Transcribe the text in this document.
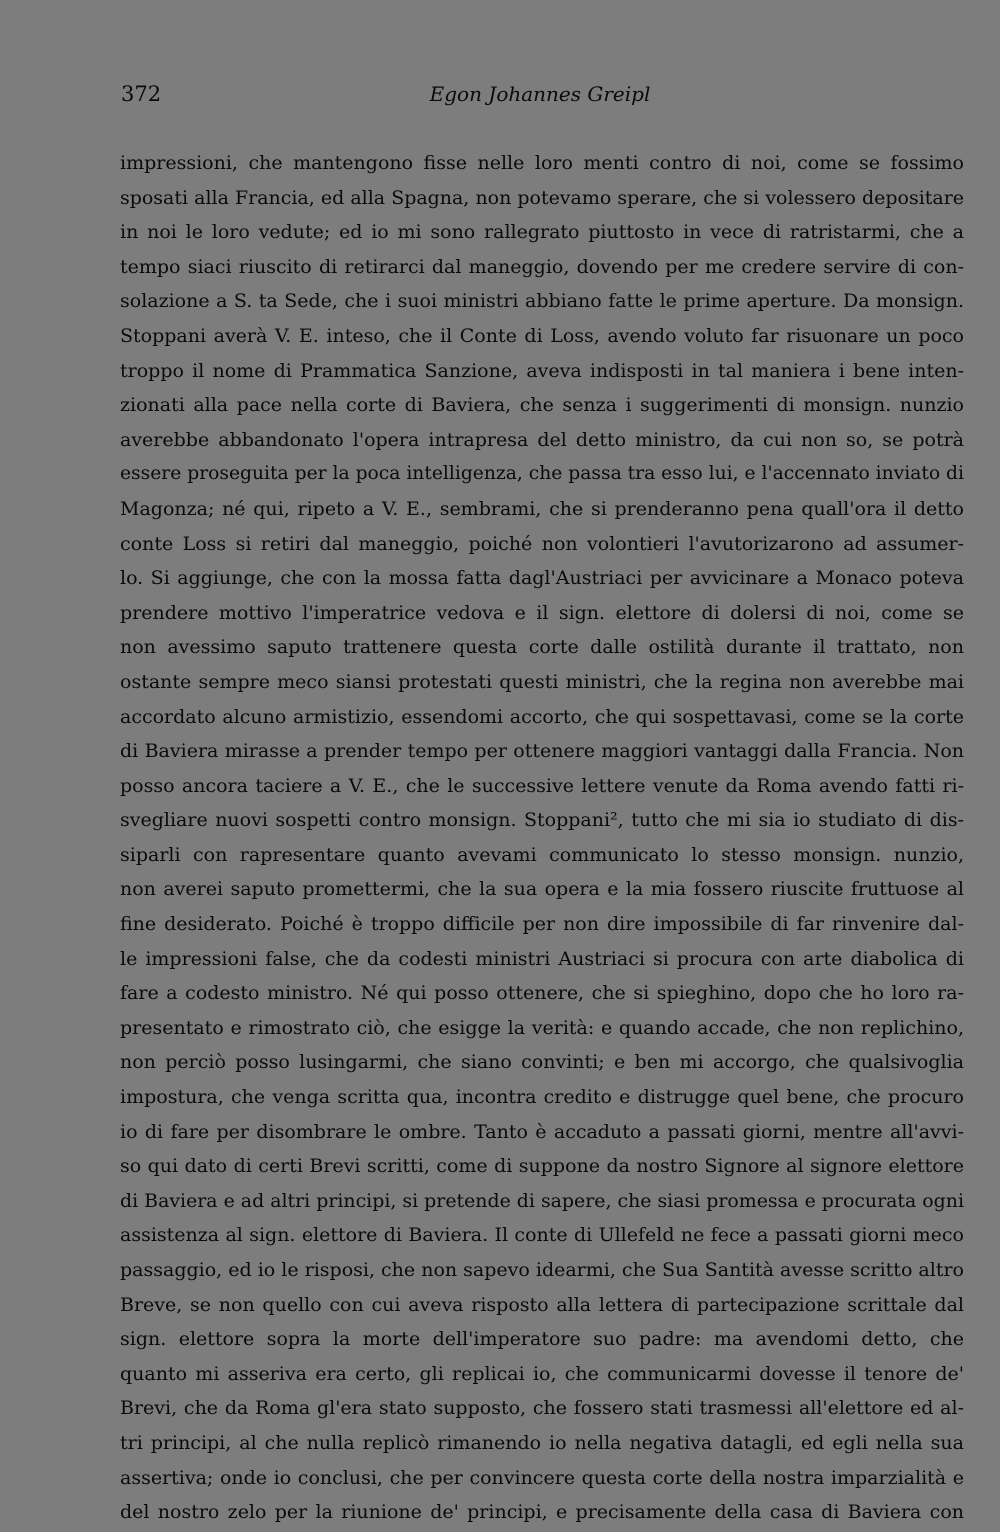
372	Egon Johannes Greipl
impressioni, che mantengono fisse nelle loro menti contro di noi, come se fossimo
sposati alla Francia, ed alla Spagna, non potevamo sperare, che si volessero depositare
in noi le loro vedute; ed io mi sono rallegrato piuttosto in vece di ratristarmi, che a
tempo siaci riuscito di retirarci dal maneggio, dovendo per me credere servire di con-
solazione a S. ta Sede, che i suoi ministri abbiano fatte le prime aperture. Da monsign.
Stoppani averà V. E. inteso, che il Conte di Loss, avendo voluto far risuonare un poco
troppo il nome di Prammatica Sanzione, aveva indisposti in tal maniera i bene inten-
zionati alla pace nella corte di Baviera, che senza i suggerimenti di monsign. nunzio
averebbe abbandonato l'opera intrapresa del detto ministro, da cui non so, se potrà
essere proseguita per la poca intelligenza, che passa tra esso lui, e l'accennato inviato di
Magonza; né qui, ripeto a V. E., sembrami, che si prenderanno pena quall'ora il detto
conte Loss si retiri dal maneggio, poiché non volontieri l'avutorizarono ad assumer-
lo. Si aggiunge, che con la mossa fatta dagl'Austriaci per avvicinare a Monaco poteva
prendere mottivo l'imperatrice vedova e il sign. elettore di dolersi di noi, come se
non avessimo saputo trattenere questa corte dalle ostilità durante il trattato, non
ostante sempre meco siansi protestati questi ministri, che la regina non averebbe mai
accordato alcuno armistizio, essendomi accorto, che qui sospettavasi, come se la corte
di Baviera mirasse a prender tempo per ottenere maggiori vantaggi dalla Francia. Non
posso ancora taciere a V. E., che le successive lettere venute da Roma avendo fatti ri-
svegliare nuovi sospetti contro monsign. Stoppani², tutto che mi sia io studiato di dis-
siparli con rapresentare quanto avevami communicato lo stesso monsign. nunzio,
non averei saputo promettermi, che la sua opera e la mia fossero riuscite fruttuose al
fine desiderato. Poiché è troppo difficile per non dire impossibile di far rinvenire dal-
le impressioni false, che da codesti ministri Austriaci si procura con arte diabolica di
fare a codesto ministro. Né qui posso ottenere, che si spieghino, dopo che ho loro ra-
presentato e rimostrato ciò, che esigge la verità: e quando accade, che non replichino,
non perciò posso lusingarmi, che siano convinti; e ben mi accorgo, che qualsivoglia
impostura, che venga scritta qua, incontra credito e distrugge quel bene, che procuro
io di fare per disombrare le ombre. Tanto è accaduto a passati giorni, mentre all'avvi-
so qui dato di certi Brevi scritti, come di suppone da nostro Signore al signore elettore
di Baviera e ad altri principi, si pretende di sapere, che siasi promessa e procurata ogni
assistenza al sign. elettore di Baviera. Il conte di Ullefeld ne fece a passati giorni meco
passaggio, ed io le risposi, che non sapevo idearmi, che Sua Santità avesse scritto altro
Breve, se non quello con cui aveva risposto alla lettera di partecipazione scrittale dal
sign. elettore sopra la morte dell'imperatore suo padre: ma avendomi detto, che
quanto mi asseriva era certo, gli replicai io, che communicarmi dovesse il tenore de'
Brevi, che da Roma gl'era stato supposto, che fossero stati trasmessi all'elettore ed al-
tri principi, al che nulla replicò rimanendo io nella negativa datagli, ed egli nella sua
assertiva; onde io conclusi, che per convincere questa corte della nostra imparzialità e
del nostro zelo per la riunione de' principi, e precisamente della casa di Baviera con
